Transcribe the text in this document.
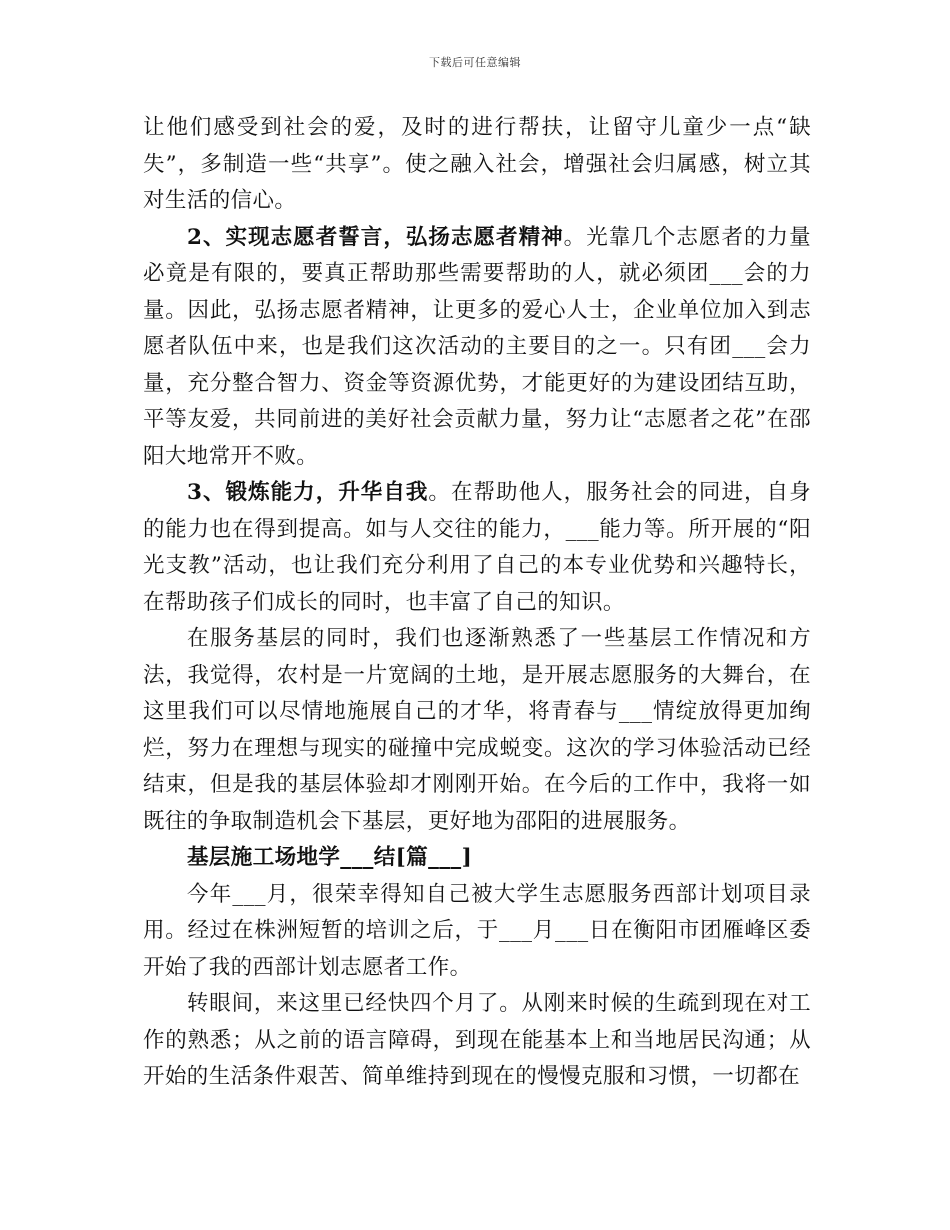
下载后可任意编辑

让他们感受到社会的爱，及时的进行帮扶，让留守儿童少一点“缺失”，多制造一些“共享”。使之融入社会，增强社会归属感，树立其对生活的信心。

2、实现志愿者誓言，弘扬志愿者精神。光靠几个志愿者的力量必竟是有限的，要真正帮助那些需要帮助的人，就必须团___会的力量。因此，弘扬志愿者精神，让更多的爱心人士，企业单位加入到志愿者队伍中来，也是我们这次活动的主要目的之一。只有团___会力量，充分整合智力、资金等资源优势，才能更好的为建设团结互助，平等友爱，共同前进的美好社会贡献力量，努力让“志愿者之花”在邵阳大地常开不败。

3、锻炼能力，升华自我。在帮助他人，服务社会的同进，自身的能力也在得到提高。如与人交往的能力，___能力等。所开展的“阳光支教”活动，也让我们充分利用了自己的本专业优势和兴趣特长，在帮助孩子们成长的同时，也丰富了自己的知识。

在服务基层的同时，我们也逐渐熟悉了一些基层工作情况和方法，我觉得，农村是一片宽阔的土地，是开展志愿服务的大舞台，在这里我们可以尽情地施展自己的才华，将青春与___情绽放得更加绚烂，努力在理想与现实的碰撞中完成蜕变。这次的学习体验活动已经结束，但是我的基层体验却才刚刚开始。在今后的工作中，我将一如既往的争取制造机会下基层，更好地为邵阳的进展服务。

基层施工场地学___结[篇___]

今年___月，很荣幸得知自己被大学生志愿服务西部计划项目录用。经过在株洲短暂的培训之后，于___月___日在衡阳市团雁峰区委开始了我的西部计划志愿者工作。

转眼间，来这里已经快四个月了。从刚来时候的生疏到现在对工作的熟悉；从之前的语言障碍，到现在能基本上和当地居民沟通；从开始的生活条件艰苦、简单维持到现在的慢慢克服和习惯，一切都在
